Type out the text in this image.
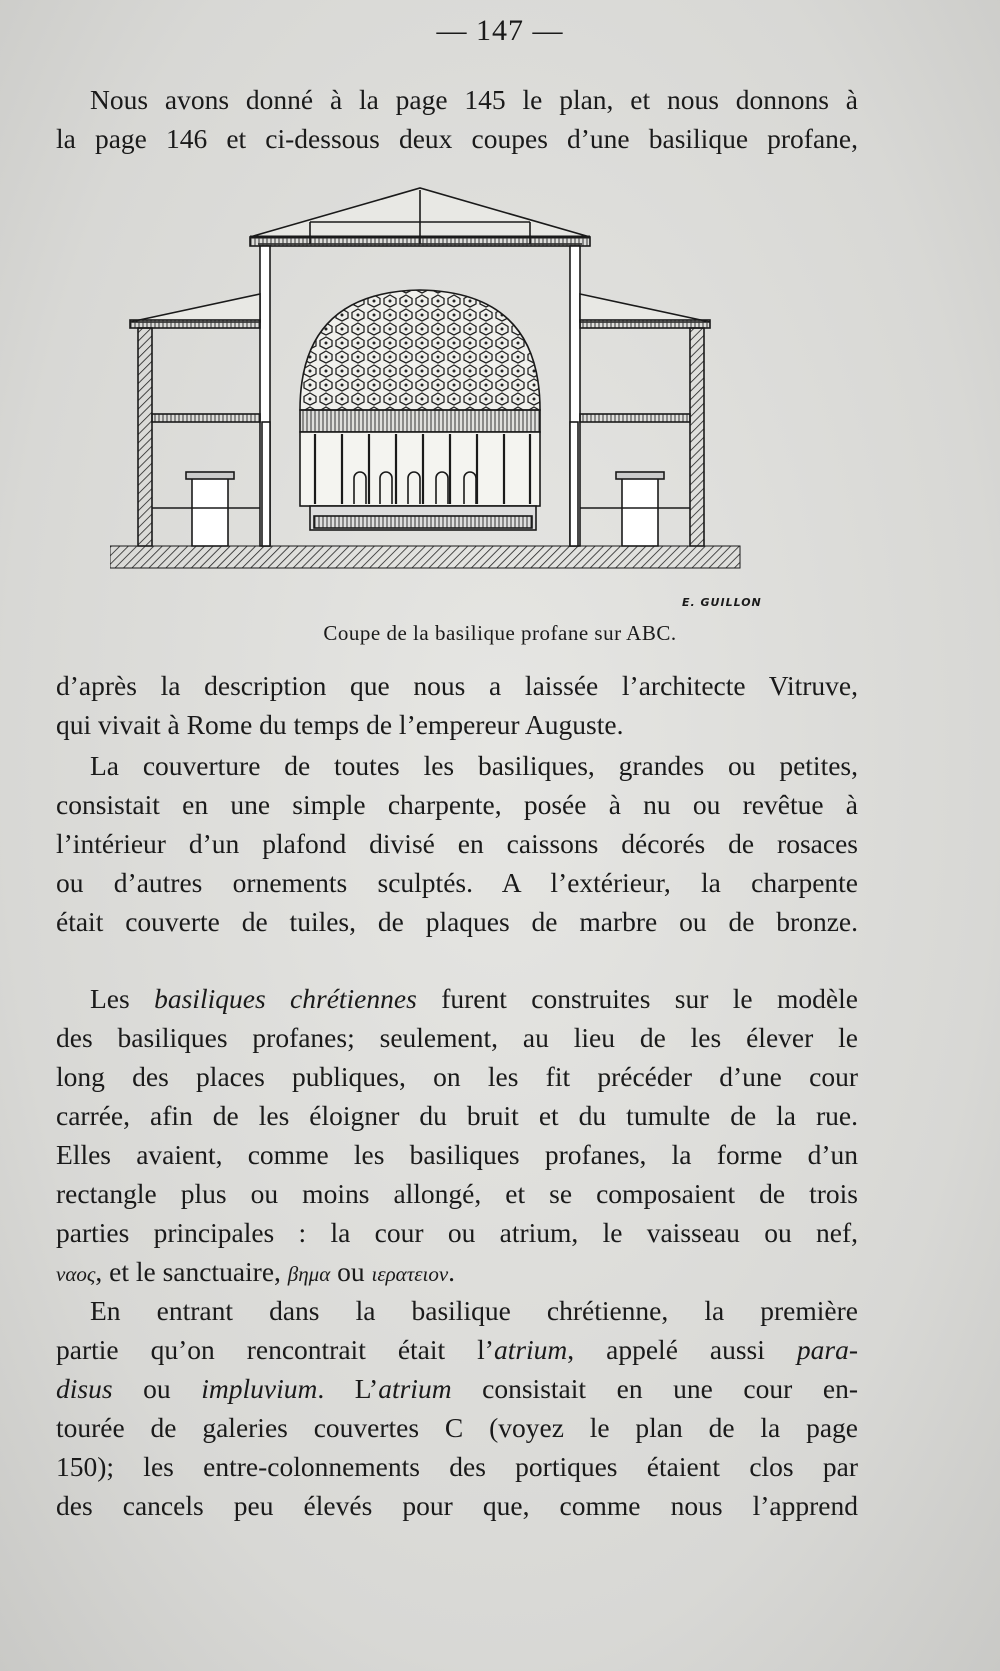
— 147 —

Nous avons donné à la page 145 le plan, et nous donnons à
la page 146 et ci-dessous deux coupes d’une basilique profane,

E. GUILLON
Coupe de la basilique profane sur ABC.

d’après la description que nous a laissée l’architecte Vitruve,
qui vivait à Rome du temps de l’empereur Auguste.

La couverture de toutes les basiliques, grandes ou petites,
consistait en une simple charpente, posée à nu ou revêtue à
l’intérieur d’un plafond divisé en caissons décorés de rosaces
ou d’autres ornements sculptés. A l’extérieur, la charpente
était couverte de tuiles, de plaques de marbre ou de bronze.

Les basiliques chrétiennes furent construites sur le modèle
des basiliques profanes; seulement, au lieu de les élever le
long des places publiques, on les fit précéder d’une cour
carrée, afin de les éloigner du bruit et du tumulte de la rue.
Elles avaient, comme les basiliques profanes, la forme d’un
rectangle plus ou moins allongé, et se composaient de trois
parties principales : la cour ou atrium, le vaisseau ou nef,
ναος, et le sanctuaire, βημα ou ιερατειον.

En entrant dans la basilique chrétienne, la première
partie qu’on rencontrait était l’atrium, appelé aussi para-
disus ou impluvium. L’atrium consistait en une cour en-
tourée de galeries couvertes C (voyez le plan de la page
150); les entre-colonnements des portiques étaient clos par
des cancels peu élevés pour que, comme nous l’apprend
